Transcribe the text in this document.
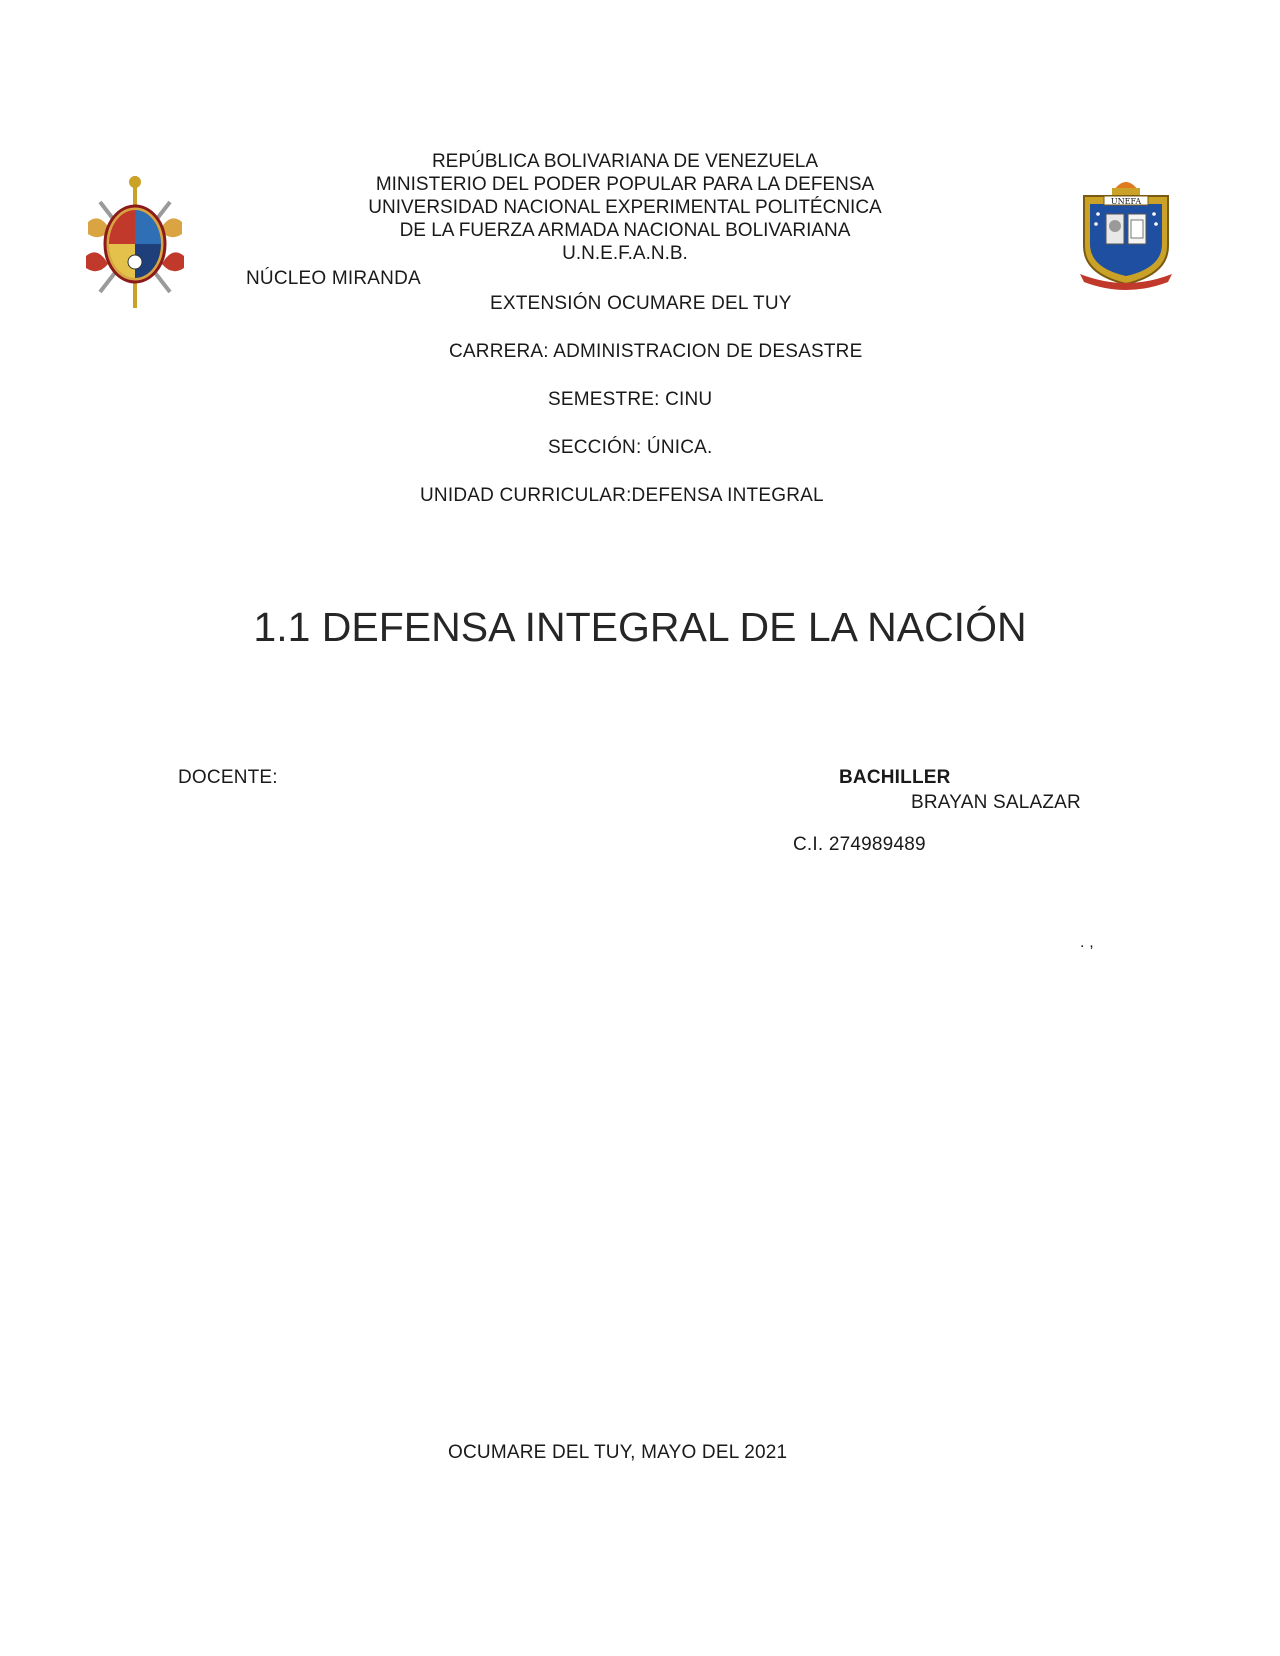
UNEFA
REPÚBLICA BOLIVARIANA DE VENEZUELA
MINISTERIO DEL PODER POPULAR PARA LA DEFENSA
UNIVERSIDAD NACIONAL EXPERIMENTAL POLITÉCNICA
DE LA FUERZA ARMADA NACIONAL BOLIVARIANA
U.N.E.F.A.N.B.
NÚCLEO MIRANDA
EXTENSIÓN OCUMARE DEL TUY
CARRERA: ADMINISTRACION DE DESASTRE
SEMESTRE: CINU
SECCIÓN: ÚNICA.
UNIDAD CURRICULAR:DEFENSA INTEGRAL
1.1 DEFENSA INTEGRAL DE LA NACIÓN
DOCENTE:	BACHILLER
BRAYAN SALAZAR
C.I. 274989489
. ,
OCUMARE DEL TUY, MAYO DEL 2021
